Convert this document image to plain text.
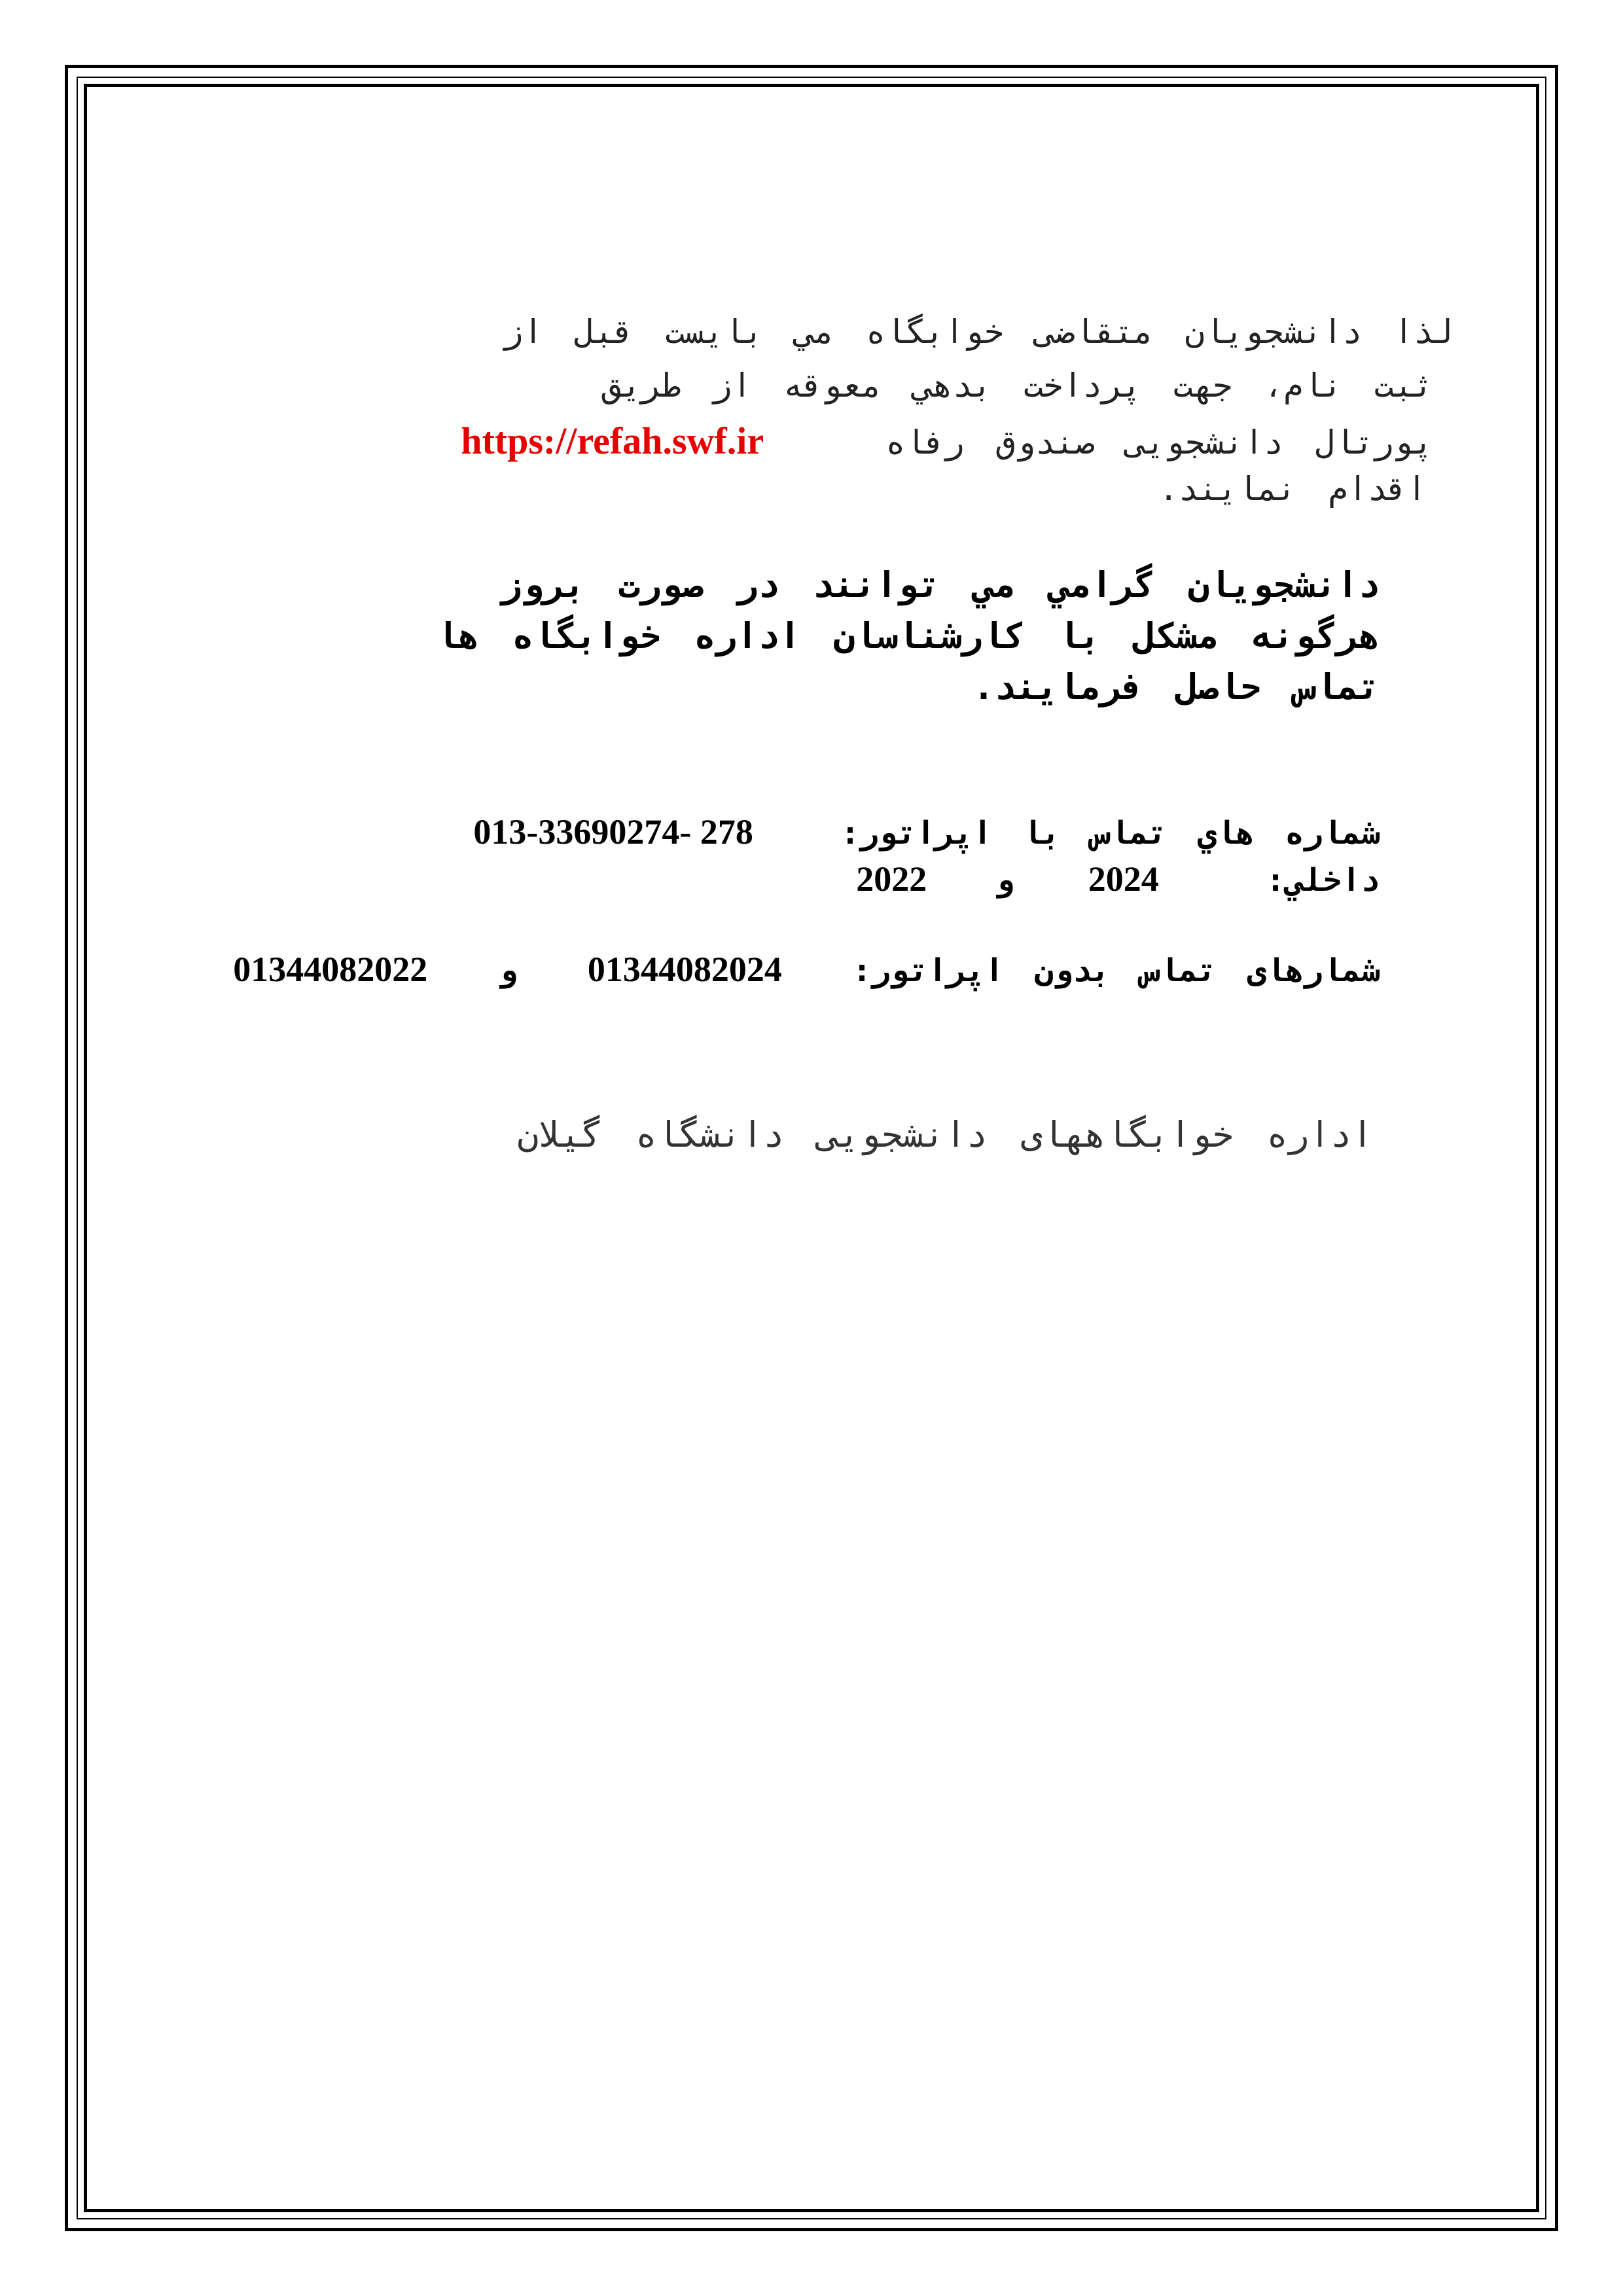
لذا دانشجويان متقاضی خوابگاه مي بايست قبل از
ثبت نام، جهت پرداخت بدهي معوقه از طريق
پورتال دانشجویی صندوق رفاه  https://refah.swf.ir
اقدام نمايند.
دانشجويان گرامي مي توانند در صورت بروز
هرگونه مشکل با کارشناسان اداره خوابگاه ها
تماس حاصل فرمايند.
شماره هاي تماس با اپراتور:  013-33690274- 278
داخلي:  2024  و  2022
شمارهای تماس بدون اپراتور:  01344082024  و  01344082022
اداره خوابگاههای دانشجویی دانشگاه گیلان
